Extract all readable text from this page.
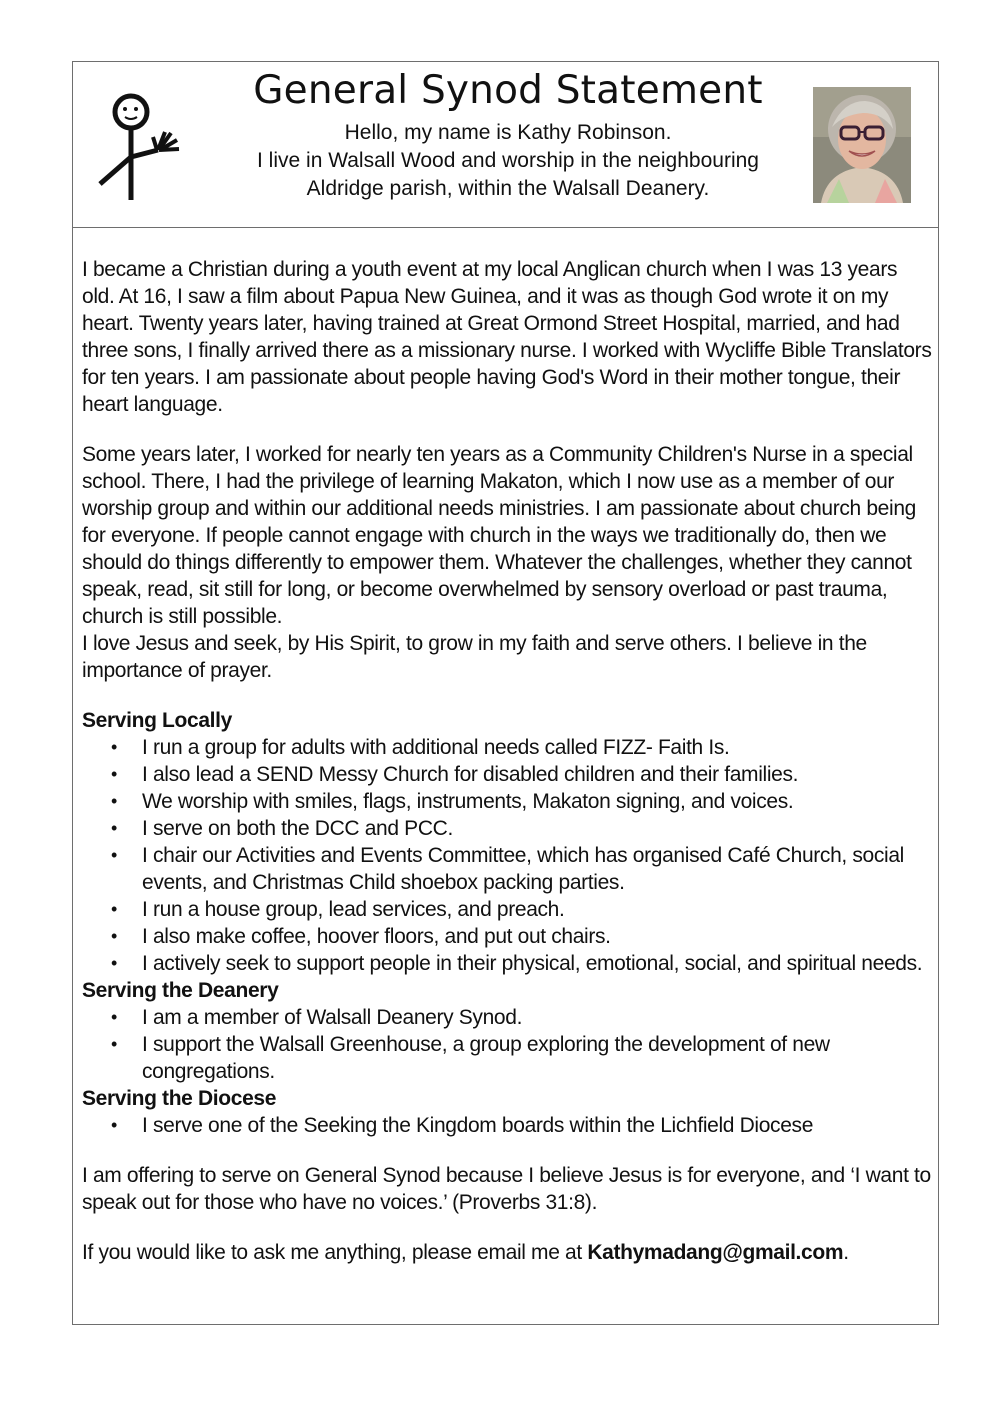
General Synod Statement
Hello, my name is Kathy Robinson.
I live in Walsall Wood and worship in the neighbouring
Aldridge parish, within the Walsall Deanery.

I became a Christian during a youth event at my local Anglican church when I was 13 years old. At 16, I saw a film about Papua New Guinea, and it was as though God wrote it on my heart. Twenty years later, having trained at Great Ormond Street Hospital, married, and had three sons, I finally arrived there as a missionary nurse. I worked with Wycliffe Bible Translators for ten years. I am passionate about people having God's Word in their mother tongue, their heart language.

Some years later, I worked for nearly ten years as a Community Children's Nurse in a special school. There, I had the privilege of learning Makaton, which I now use as a member of our worship group and within our additional needs ministries. I am passionate about church being for everyone. If people cannot engage with church in the ways we traditionally do, then we should do things differently to empower them. Whatever the challenges, whether they cannot speak, read, sit still for long, or become overwhelmed by sensory overload or past trauma, church is still possible.

I love Jesus and seek, by His Spirit, to grow in my faith and serve others. I believe in the importance of prayer.

Serving Locally

• I run a group for adults with additional needs called FIZZ- Faith Is.
• I also lead a SEND Messy Church for disabled children and their families.
• We worship with smiles, flags, instruments, Makaton signing, and voices.
• I serve on both the DCC and PCC.
• I chair our Activities and Events Committee, which has organised Café Church, social events, and Christmas Child shoebox packing parties.
• I run a house group, lead services, and preach.
• I also make coffee, hoover floors, and put out chairs.
• I actively seek to support people in their physical, emotional, social, and spiritual needs.

Serving the Deanery

• I am a member of Walsall Deanery Synod.
• I support the Walsall Greenhouse, a group exploring the development of new congregations.

Serving the Diocese

• I serve one of the Seeking the Kingdom boards within the Lichfield Diocese

I am offering to serve on General Synod because I believe Jesus is for everyone, and ‘I want to speak out for those who have no voices.’ (Proverbs 31:8).

If you would like to ask me anything, please email me at Kathymadang@gmail.com.
